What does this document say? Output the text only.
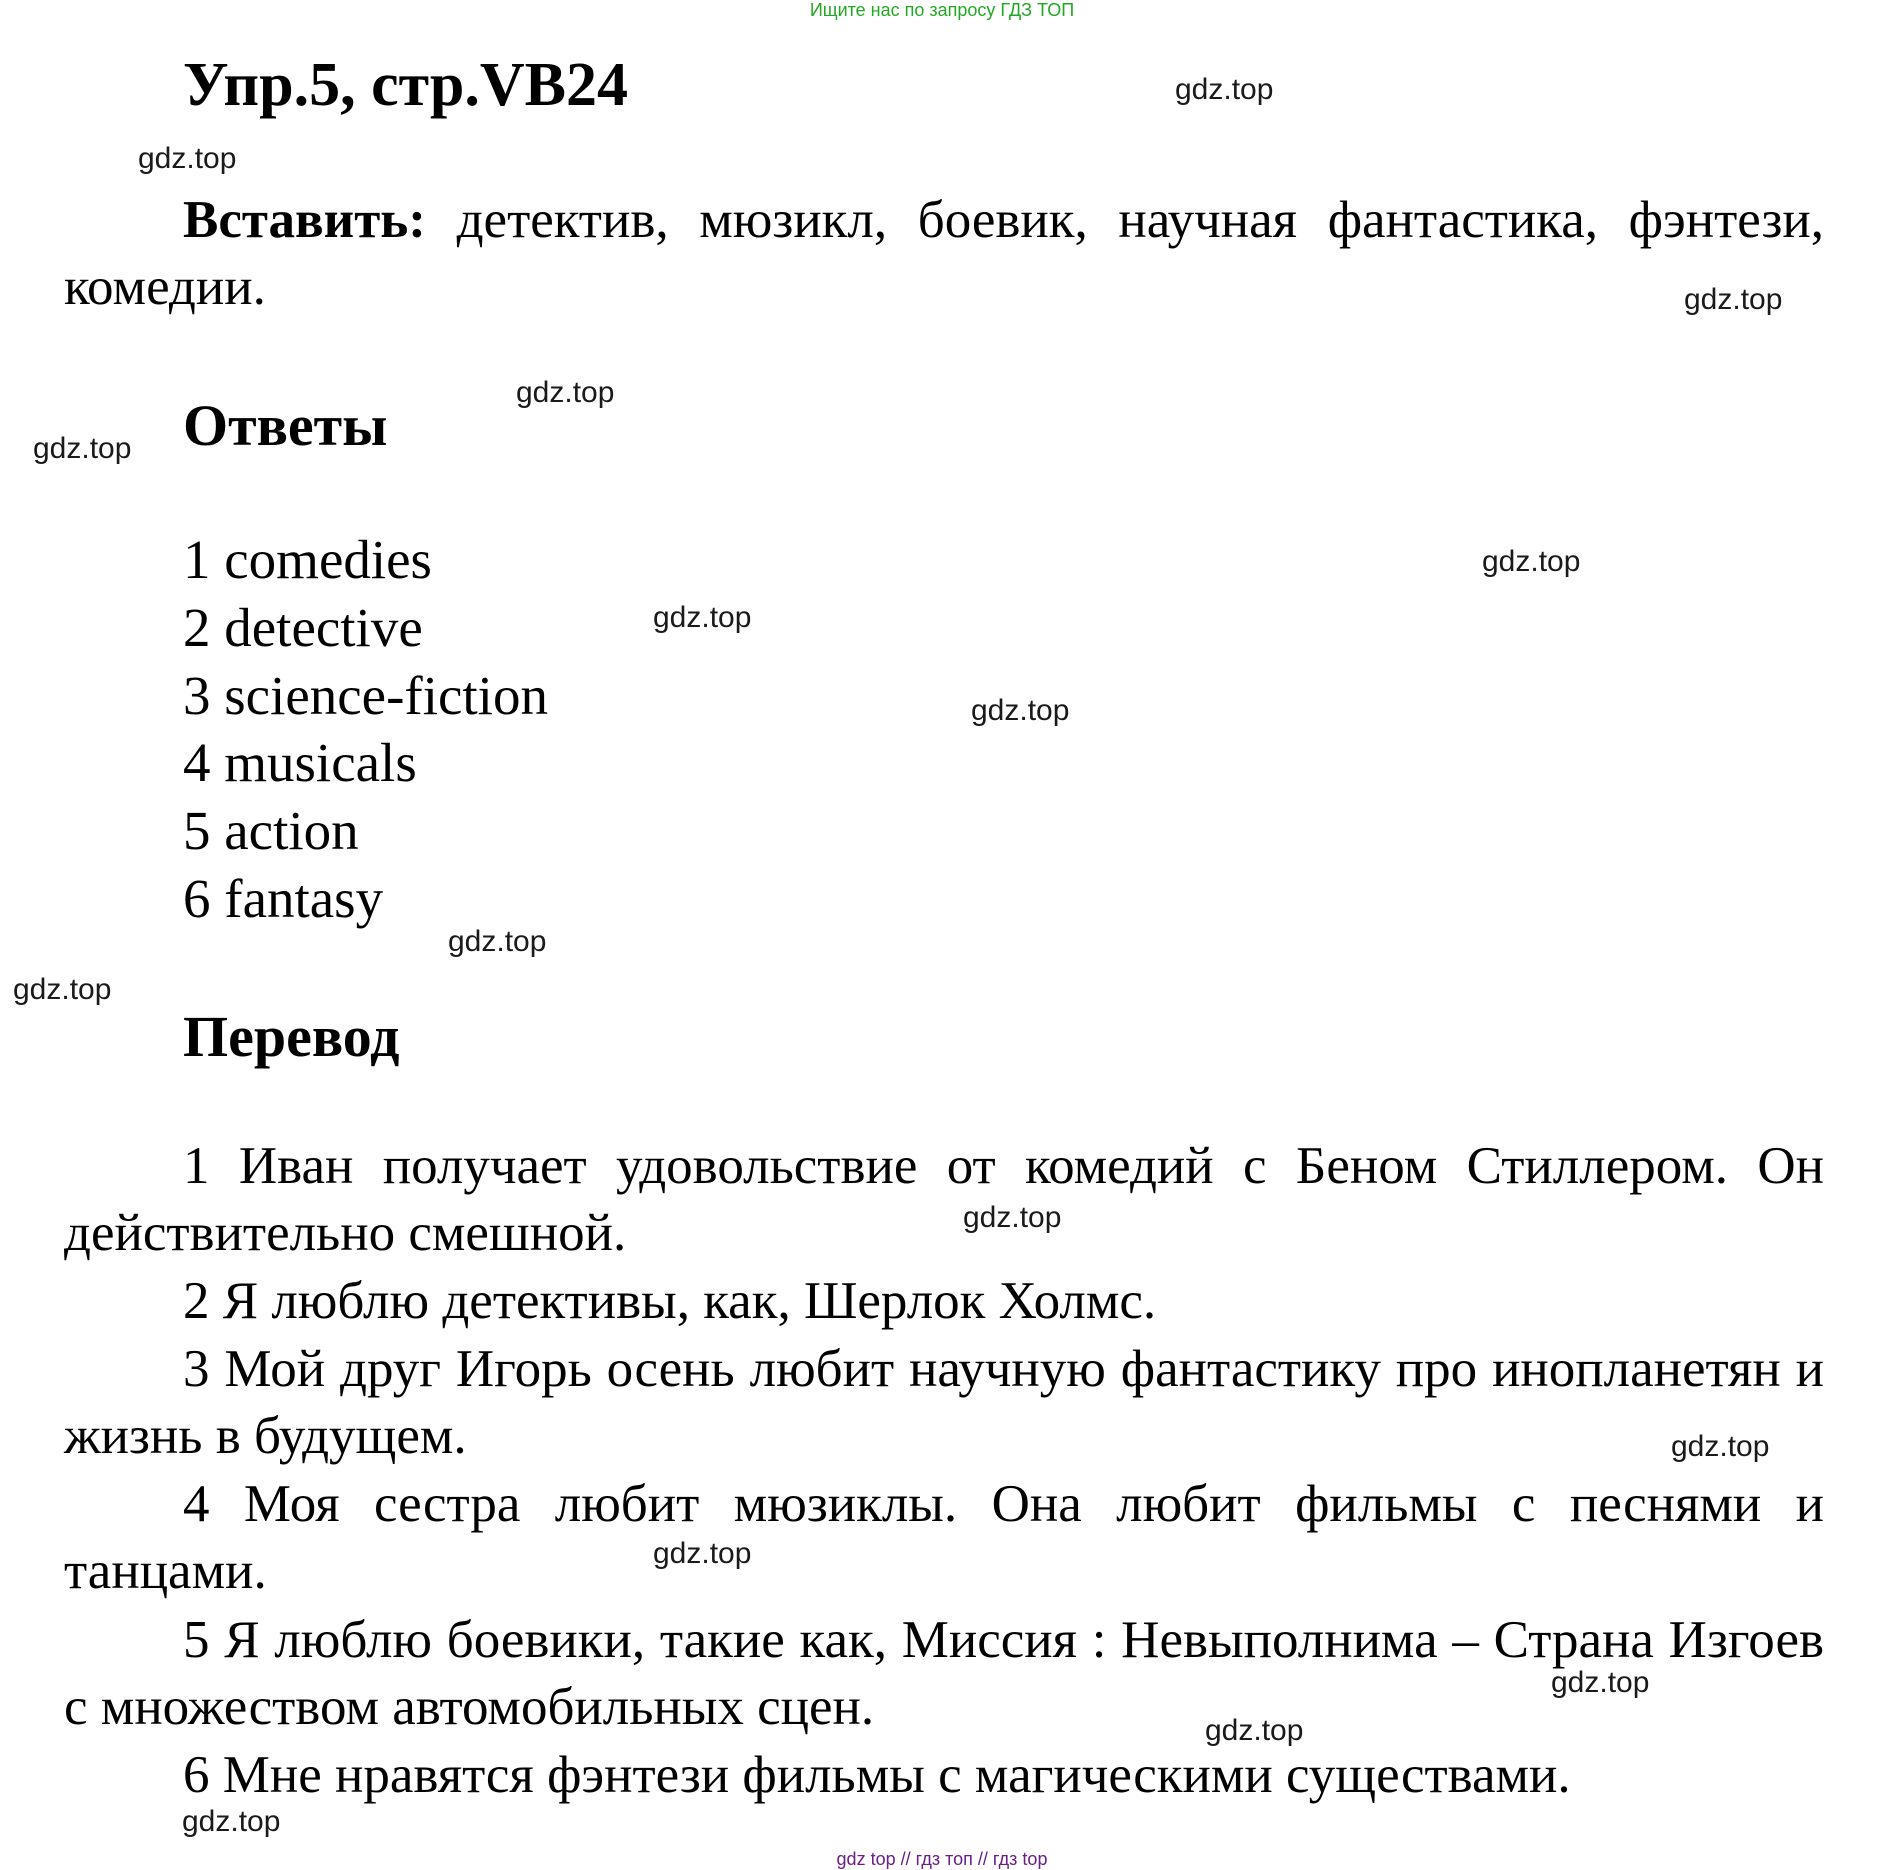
Ищите нас по запросу ГДЗ ТОП
Упр.5, стр.VB24

Вставить: детектив, мюзикл, боевик, научная фантастика, фэнтези, комедии.

Ответы
1 comedies
2 detective
3 science-fiction
4 musicals
5 action
6 fantasy
Перевод

1 Иван получает удовольствие от комедий с Беном Стиллером. Он действительно смешной.

2 Я люблю детективы, как, Шерлок Холмс.

3 Мой друг Игорь осень любит научную фантастику про инопланетян и жизнь в будущем.

4 Моя сестра любит мюзиклы. Она любит фильмы с песнями и танцами.

5 Я люблю боевики, такие как, Миссия : Невыполнима – Страна Изгоев с множеством автомобильных сцен.

6 Мне нравятся фэнтези фильмы с магическими существами.

gdz.top
gdz.top
gdz.top
gdz.top
gdz.top
gdz.top
gdz.top
gdz.top
gdz.top
gdz.top
gdz.top
gdz.top
gdz.top
gdz.top
gdz.top
gdz.top
gdz top // гдз топ // гдз top
